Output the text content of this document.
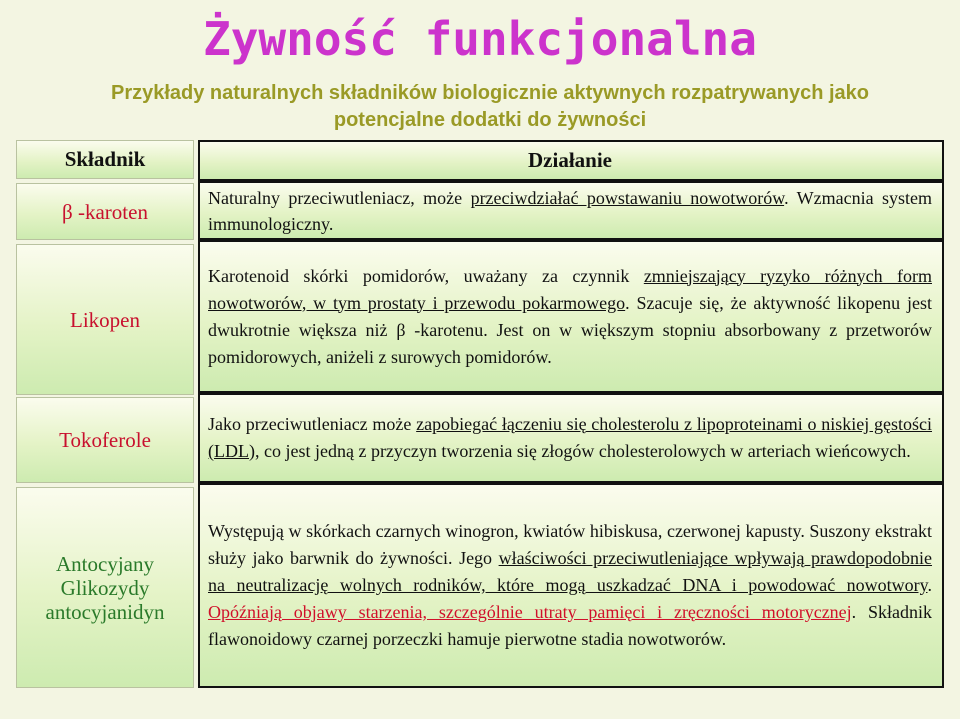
Żywność funkcjonalna
Przykłady naturalnych składników biologicznie aktywnych rozpatrywanych jako potencjalne dodatki do żywności
Składnik	Działanie
β -karoten
Naturalny przeciwutleniacz, może przeciwdziałać powstawaniu nowotworów. Wzmacnia system immunologiczny.
Likopen
Karotenoid skórki pomidorów, uważany za czynnik zmniejszający ryzyko różnych form nowotworów, w tym prostaty i przewodu pokarmowego. Szacuje się, że aktywność likopenu jest dwukrotnie większa niż β -karotenu. Jest on w większym stopniu absorbowany z przetworów pomidorowych, aniżeli z surowych pomidorów.
Tokoferole
Jako przeciwutleniacz może zapobiegać łączeniu się cholesterolu z lipoproteinami o niskiej gęstości (LDL), co jest jedną z przyczyn tworzenia się złogów cholesterolowych w arteriach wieńcowych.
Antocyjany
Glikozydy
antocyjanidyn
Występują w skórkach czarnych winogron, kwiatów hibiskusa, czerwonej kapusty. Suszony ekstrakt służy jako barwnik do żywności. Jego właściwości przeciwutleniające wpływają prawdopodobnie na neutralizację wolnych rodników, które mogą uszkadzać DNA i powodować nowotwory. Opóźniają objawy starzenia, szczególnie utraty pamięci i zręczności motorycznej. Składnik flawonoidowy czarnej porzeczki hamuje pierwotne stadia nowotworów.
